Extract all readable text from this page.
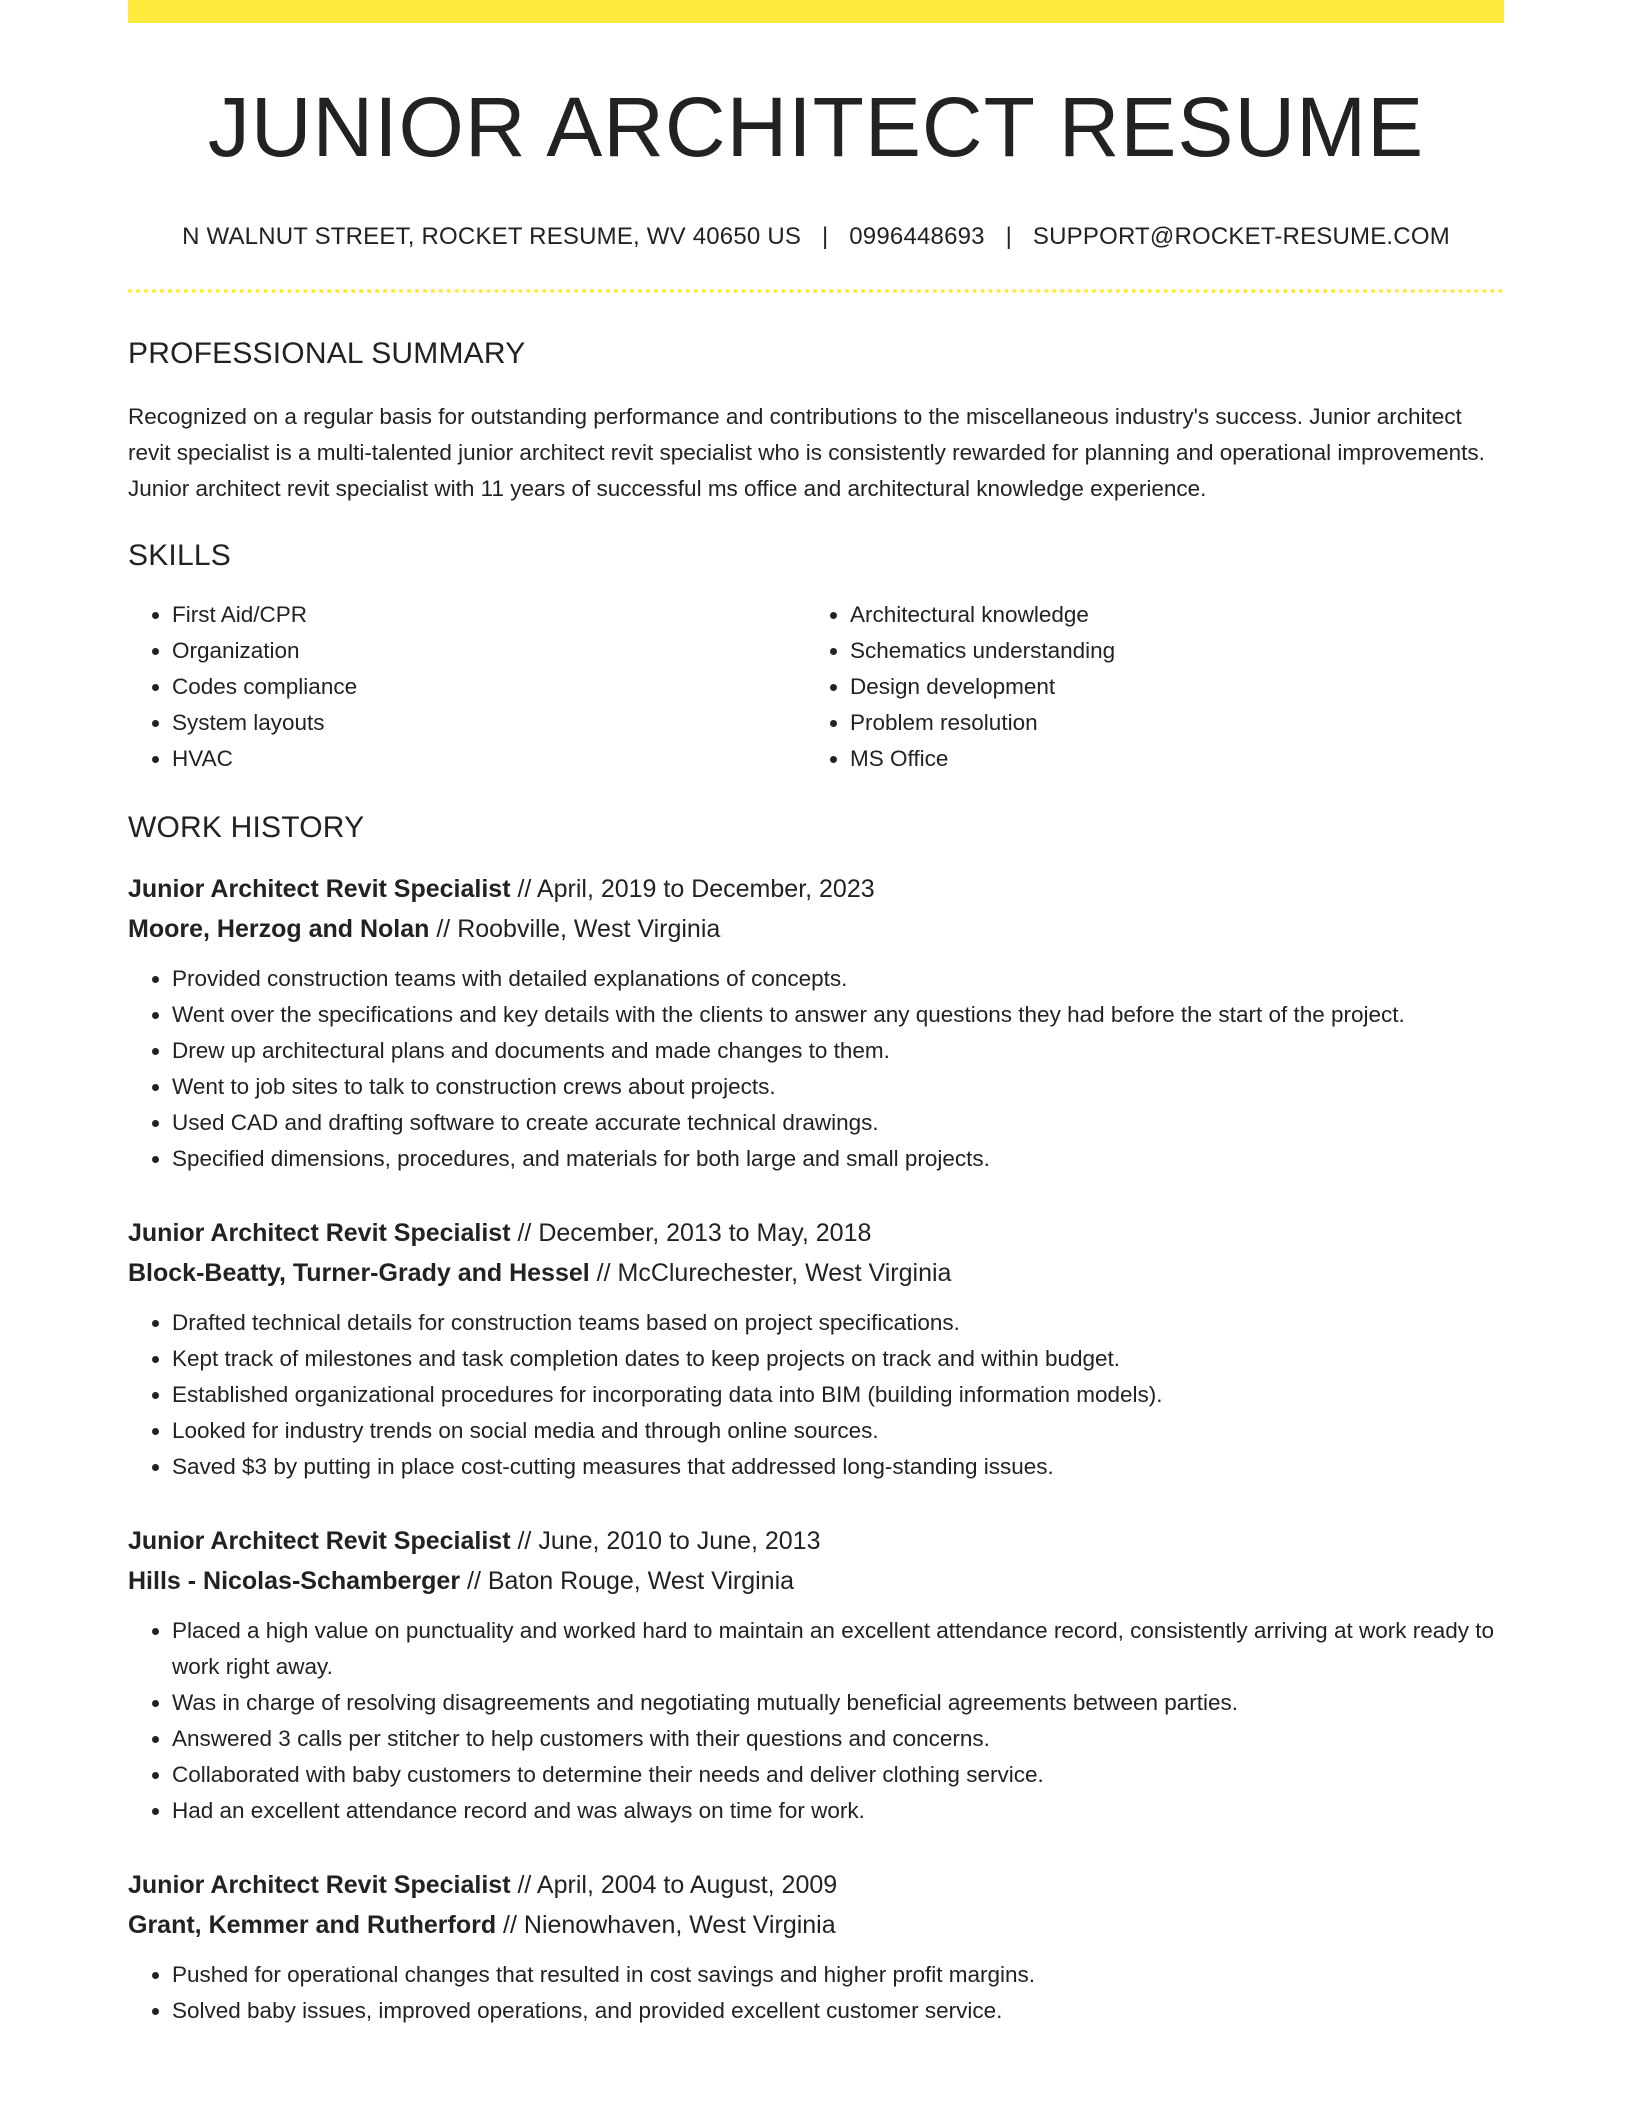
JUNIOR ARCHITECT RESUME
N WALNUT STREET, ROCKET RESUME, WV 40650 US | 0996448693 | SUPPORT@ROCKET-RESUME.COM
PROFESSIONAL SUMMARY

Recognized on a regular basis for outstanding performance and contributions to the miscellaneous industry's success. Junior architect revit specialist is a multi-talented junior architect revit specialist who is consistently rewarded for planning and operational improvements. Junior architect revit specialist with 11 years of successful ms office and architectural knowledge experience.

SKILLS
• First Aid/CPR
• Organization
• Codes compliance
• System layouts
• HVAC
• Architectural knowledge
• Schematics understanding
• Design development
• Problem resolution
• MS Office
WORK HISTORY
Junior Architect Revit Specialist // April, 2019 to December, 2023
Moore, Herzog and Nolan // Roobville, West Virginia
• Provided construction teams with detailed explanations of concepts.
• Went over the specifications and key details with the clients to answer any questions they had before the start of the project.
• Drew up architectural plans and documents and made changes to them.
• Went to job sites to talk to construction crews about projects.
• Used CAD and drafting software to create accurate technical drawings.
• Specified dimensions, procedures, and materials for both large and small projects.
Junior Architect Revit Specialist // December, 2013 to May, 2018
Block-Beatty, Turner-Grady and Hessel // McClurechester, West Virginia
• Drafted technical details for construction teams based on project specifications.
• Kept track of milestones and task completion dates to keep projects on track and within budget.
• Established organizational procedures for incorporating data into BIM (building information models).
• Looked for industry trends on social media and through online sources.
• Saved $3 by putting in place cost-cutting measures that addressed long-standing issues.
Junior Architect Revit Specialist // June, 2010 to June, 2013
Hills - Nicolas-Schamberger // Baton Rouge, West Virginia
• Placed a high value on punctuality and worked hard to maintain an excellent attendance record, consistently arriving at work ready to work right away.
• Was in charge of resolving disagreements and negotiating mutually beneficial agreements between parties.
• Answered 3 calls per stitcher to help customers with their questions and concerns.
• Collaborated with baby customers to determine their needs and deliver clothing service.
• Had an excellent attendance record and was always on time for work.
Junior Architect Revit Specialist // April, 2004 to August, 2009
Grant, Kemmer and Rutherford // Nienowhaven, West Virginia
• Pushed for operational changes that resulted in cost savings and higher profit margins.
• Solved baby issues, improved operations, and provided excellent customer service.
